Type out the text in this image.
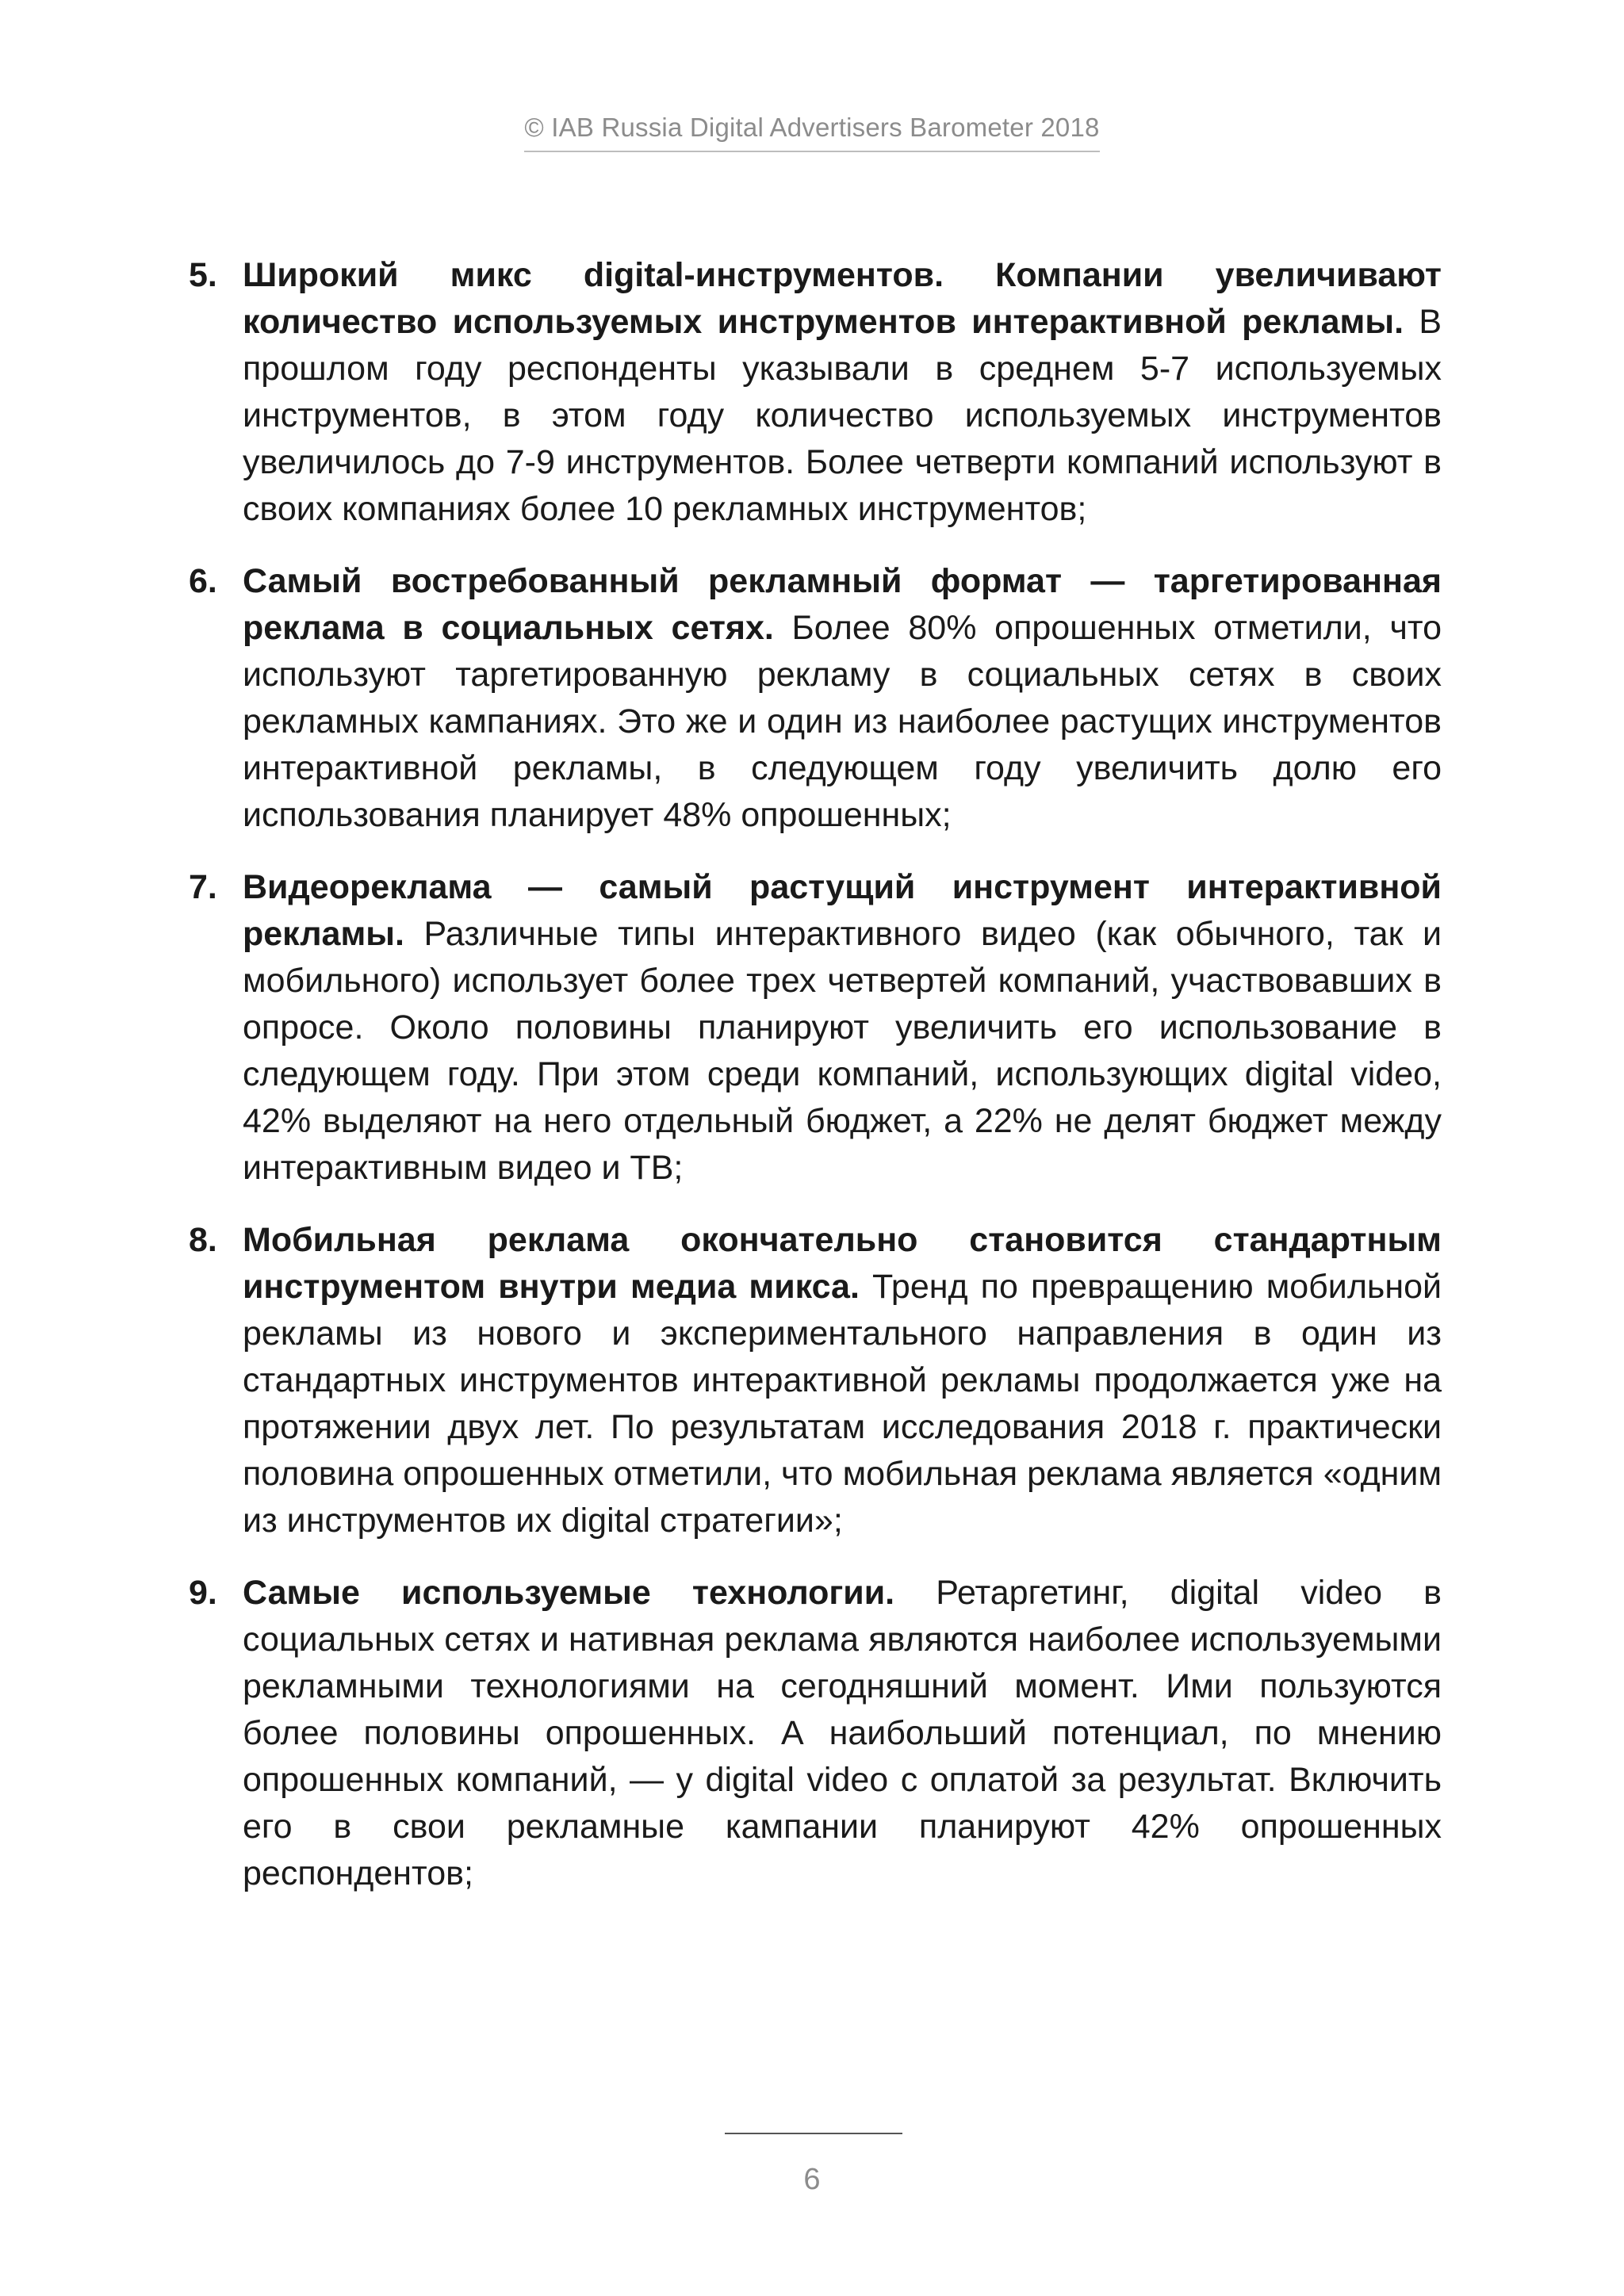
© IAB Russia Digital Advertisers Barometer 2018
5. Широкий микс digital-инструментов. Компании увеличивают количество используемых инструментов интерактивной рекламы. В прошлом году респонденты указывали в среднем 5-7 используемых инструментов, в этом году количество используемых инструментов увеличилось до 7-9 инструментов. Более четверти компаний используют в своих компаниях более 10 рекламных инструментов;
6. Самый востребованный рекламный формат — таргетированная реклама в социальных сетях. Более 80% опрошенных отметили, что используют таргетированную рекламу в социальных сетях в своих рекламных кампаниях. Это же и один из наиболее растущих инструментов интерактивной рекламы, в следующем году увеличить долю его использования планирует 48% опрошенных;
7. Видеореклама — самый растущий инструмент интерактивной рекламы. Различные типы интерактивного видео (как обычного, так и мобильного) использует более трех четвертей компаний, участвовавших в опросе. Около половины планируют увеличить его использование в следующем году. При этом среди компаний, использующих digital video, 42% выделяют на него отдельный бюджет, а 22% не делят бюджет между интерактивным видео и ТВ;
8. Мобильная реклама окончательно становится стандартным инструментом внутри медиа микса. Тренд по превращению мобильной рекламы из нового и экспериментального направления в один из стандартных инструментов интерактивной рекламы продолжается уже на протяжении двух лет. По результатам исследования 2018 г. практически половина опрошенных отметили, что мобильная реклама является «одним из инструментов их digital стратегии»;
9. Самые используемые технологии. Ретаргетинг, digital video в социальных сетях и нативная реклама являются наиболее используемыми рекламными технологиями на сегодняшний момент. Ими пользуются более половины опрошенных. А наибольший потенциал, по мнению опрошенных компаний, — у digital video с оплатой за результат. Включить его в свои рекламные кампании планируют 42% опрошенных респондентов;
6
